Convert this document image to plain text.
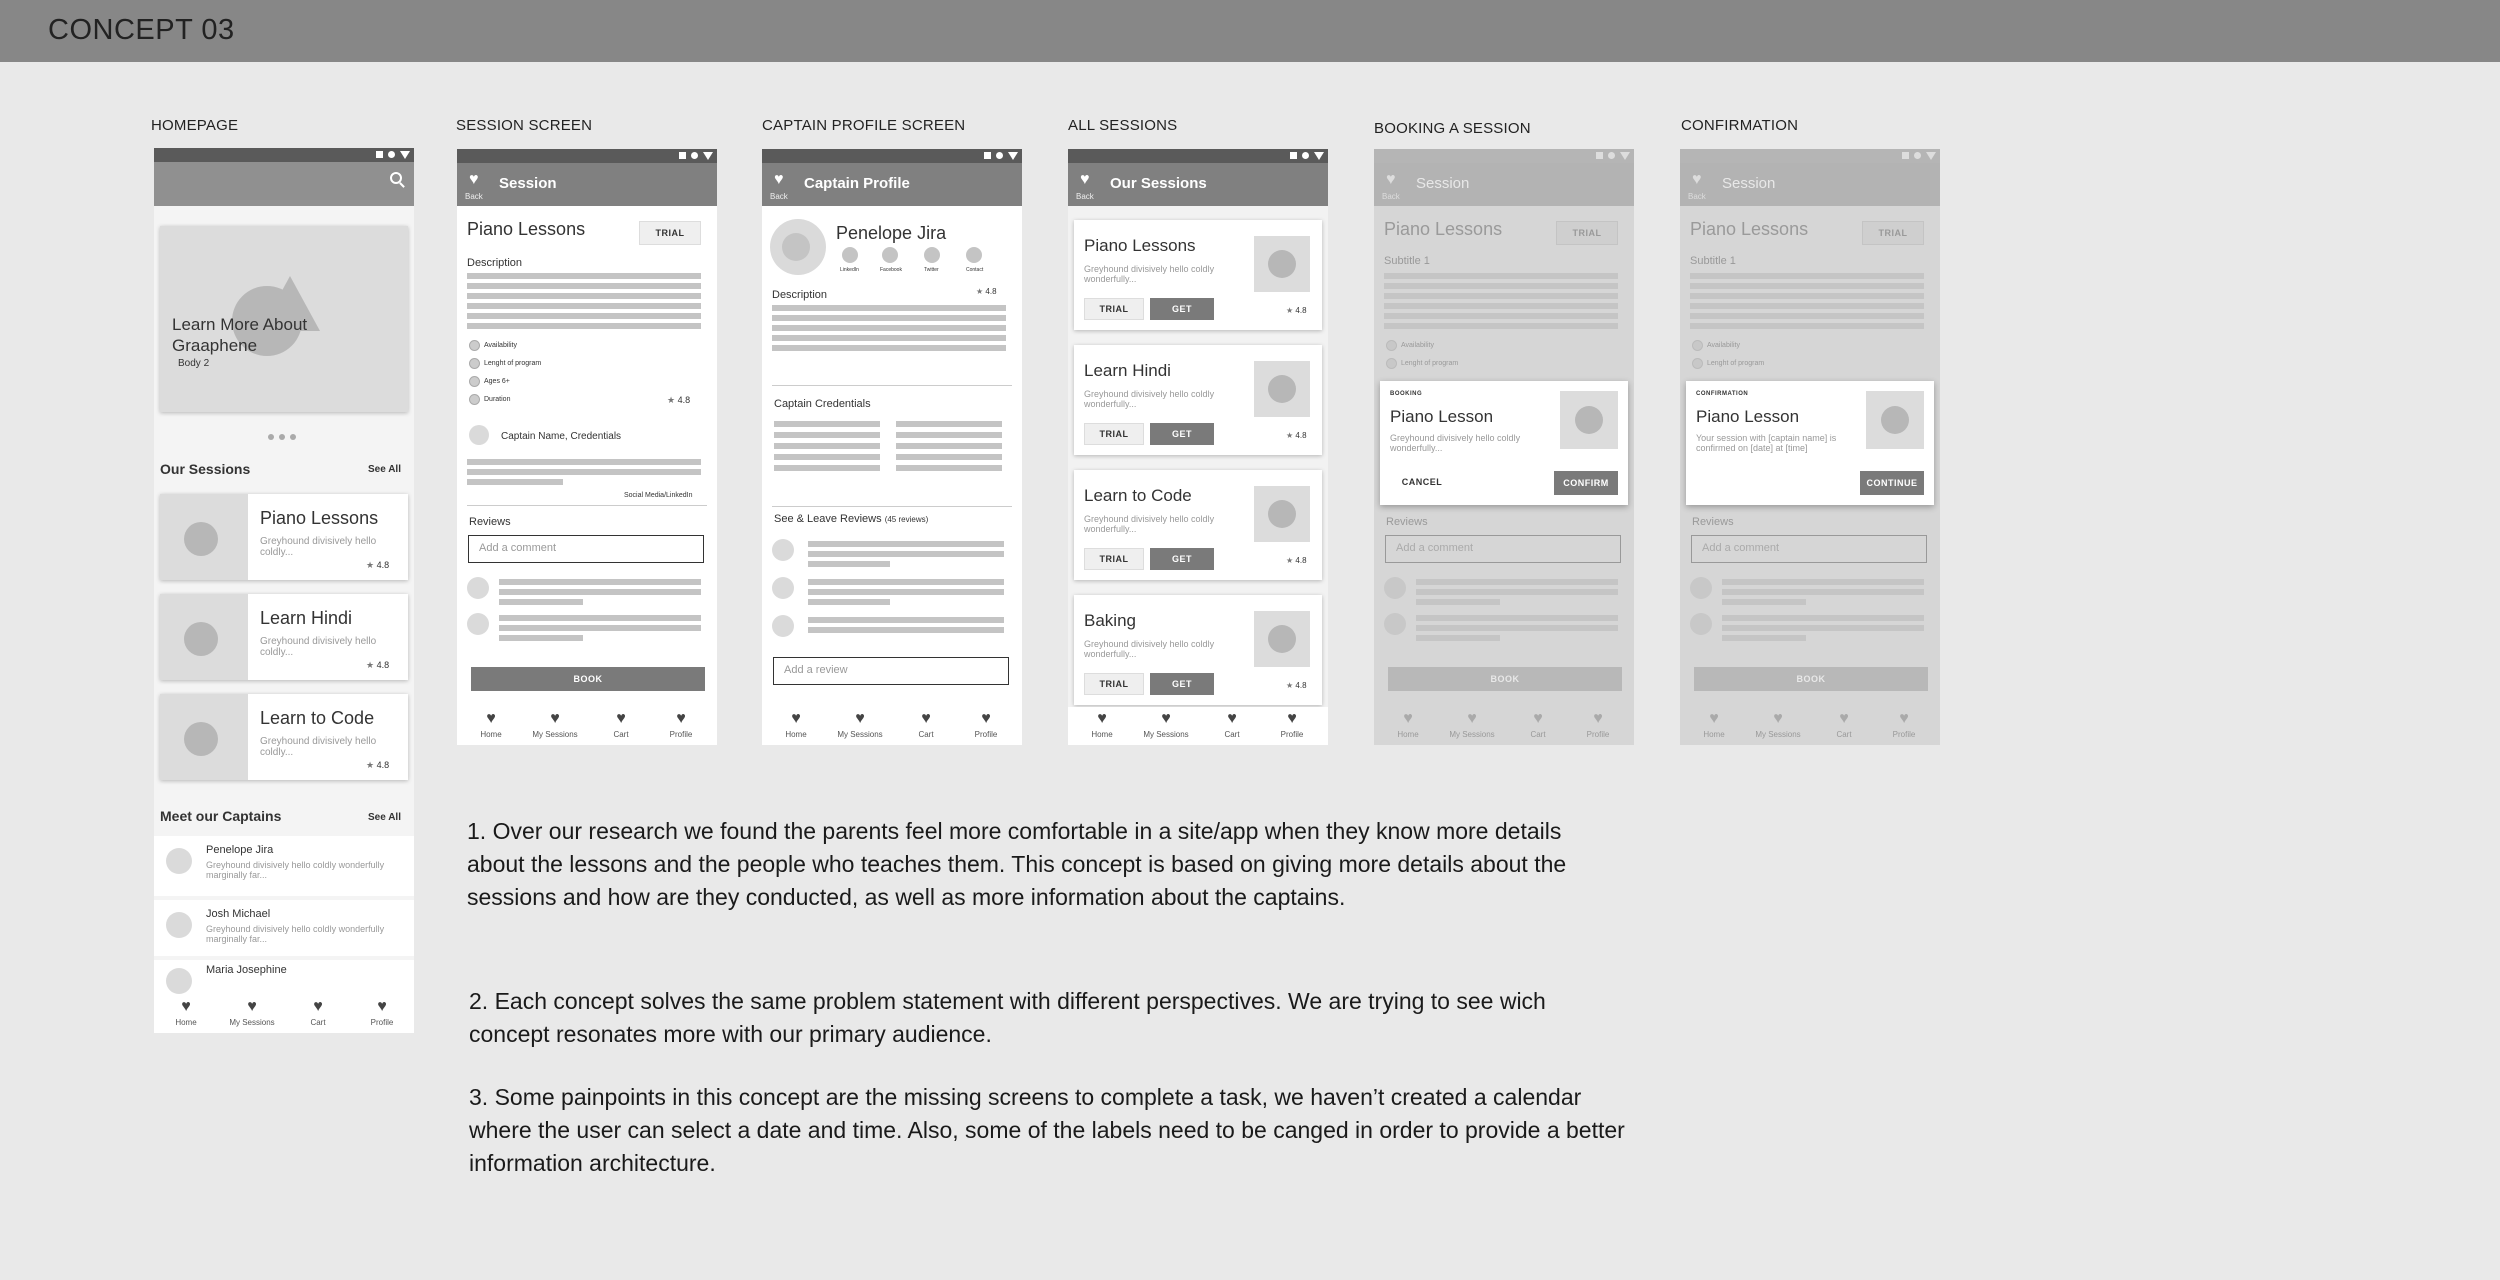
CONCEPT 03
HOMEPAGE	SESSION SCREEN	CAPTAIN PROFILE SCREEN	ALL SESSIONS	BOOKING A SESSION	CONFIRMATION
Learn More About Graaphene
Body 2
Our Sessions	See All
Piano Lessons
Greyhound divisively hello coldly...
★ 4.8
Learn Hindi
Greyhound divisively hello coldly...
★ 4.8
Learn to Code
Greyhound divisively hello coldly...
★ 4.8
Meet our Captains	See All
Penelope Jira
Greyhound divisively hello coldly wonderfully marginally far...
Josh Michael
Greyhound divisively hello coldly wonderfully marginally far...
Maria Josephine
♥
Home
♥
My Sessions
♥
Cart
♥
Profile
♥
Back
Session
Piano Lessons	TRIAL
Description
Availability
Lenght of program
Ages 6+
Duration	★ 4.8
Captain Name, Credentials
Social Media/LinkedIn
Reviews
Add a comment
BOOK
♥
Home
♥
My Sessions
♥
Cart
♥
Profile
♥
Back
Captain Profile
Penelope Jira
LinkedIn	Facebook	Twitter	Contact
Description	★ 4.8
Captain Credentials
See & Leave Reviews (45 reviews)
Add a review
♥
Home
♥
My Sessions
♥
Cart
♥
Profile
♥
Back
Our Sessions
Piano Lessons
Greyhound divisively hello coldly wonderfully...
TRIAL	GET	★ 4.8
Learn Hindi
Greyhound divisively hello coldly wonderfully...
TRIAL	GET	★ 4.8
Learn to Code
Greyhound divisively hello coldly wonderfully...
TRIAL	GET	★ 4.8
Baking
Greyhound divisively hello coldly wonderfully...
TRIAL	GET	★ 4.8
♥
Home
♥
My Sessions
♥
Cart
♥
Profile
♥
Back
Session
Piano Lessons	TRIAL
Subtitle 1
Availability
Lenght of program
BOOKING
Piano Lesson
Greyhound divisively hello coldly wonderfully...
CANCEL	CONFIRM
Reviews
Add a comment
BOOK
♥
Home
♥
My Sessions
♥
Cart
♥
Profile
♥
Back
Session
Piano Lessons	TRIAL
Subtitle 1
Availability
Lenght of program
CONFIRMATION
Piano Lesson
Your session with [captain name] is confirmed on [date] at [time]
CONTINUE
Reviews
Add a comment
BOOK
♥
Home
♥
My Sessions
♥
Cart
♥
Profile
1. Over our research we found the parents feel more comfortable in a site/app when they know more details about the lessons and the people who teaches them. This concept is based on giving more details about the sessions and how are they conducted, as well as more information about the captains.
2. Each concept solves the same problem statement with different perspectives. We are trying to see wich concept resonates more with our primary audience.
3. Some painpoints in this concept are the missing screens to complete a task, we haven’t created a calendar where the user can select a date and time. Also, some of the labels need to be canged in order to provide a better information architecture.
